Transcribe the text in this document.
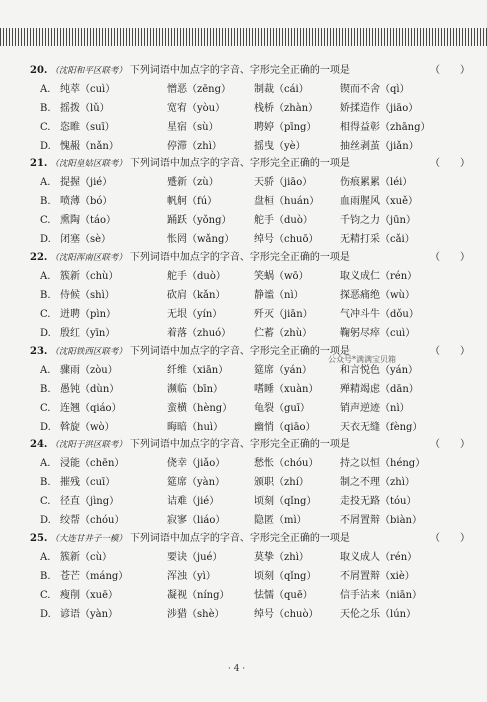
20. （沈阳和平区联考） 下列词语中加点字的字音、字形完全正确的一项是	（　　）
A. 纯萃（cuì）	憎恶（zēng） 制裁（cái）	锲而不舍（qì）
B. 摇拨（lǔ）	宽宥（yòu）	栈桥（zhàn） 娇揉造作（jiāo）
C. 恣睢（suī）	星宿（sù）	聘婷（pīng） 相得益彰（zhāng）
D. 愧赧（nǎn）	停滞（zhì）	摇曳（yè）	抽丝剥茧（jiǎn）
21. （沈阳皇姑区联考） 下列词语中加点字的字音、字形完全正确的一项是	（　　）
A. 提握（jié）	蹙新（zù）	天骄（jiāo）	伤痕累累（léi）
B. 喷薄（bó）	帆舸（fú）	盘桓（huán） 血雨腥风（xuě）
C. 熏陶（táo）	踊跃（yǒng） 舵手（duò）	千钧之力（jūn）
D. 闭塞（sè）	怅罔（wǎng） 绰号（chuō） 无精打采（cǎi）
22. （沈阳浑南区联考） 下列词语中加点字的字音、字形完全正确的一项是	（　　）
A. 簇新（chù）	舵手（duò）	笑蜗（wō）	取义成仁（rén）
B. 侍候（shì）	砍肩（kǎn）	静谧（nì）	探恶痛绝（wù）
C. 迸聘（pìn）	无垠（yín）	歼灭（jiān）	气冲斗牛（dǒu）
D. 殷红（yīn）	着落（zhuó） 伫蓄（zhù）	鞠躬尽瘁（cuì）
23. （沈阳铁西区联考） 下列词语中加点字的字音、字形完全正确的一项是	（　　）
A. 骤雨（zòu）	纤维（xiān）	筵席（yán）	和言悦色（yán）
B. 愚钝（dùn）	濒临（bīn）	嗜睡（xuàn） 殚精竭虑（dān）
C. 连翘（qiáo）	蛮横（hèng） 龟裂（guī）	销声逆迹（nì）
D. 斡旋（wò）	晦暗（huì）	幽悄（qiāo） 天衣无缝（fèng）
24. （沈阳于洪区联考） 下列词语中加点字的字音、字形完全正确的一项是	（　　）
A. 浸能（chēn）	侥幸（jiǎo）	愁怅（chóu） 持之以恒（héng）
B. 摧残（cuī）	筵席（yàn）	颁职（zhí）	制之不理（zhì）
C. 径直（jìng）	诘难（jié）	顷刻（qǐng） 走投无路（tóu）
D. 绞帮（chóu）	寂寥（liáo）	隐匿（mì）	不屑置辩（biàn）
25. （大连甘井子一模） 下列词语中加点字的字音、字形完全正确的一项是	（　　）
A. 簇新（cù）	要诀（jué）	莫挚（zhì）	取义成人（rén）
B. 苍芒（máng）	浑浊（yì）	顷刻（qǐng） 不屑置辩（xiè）
C. 瘦削（xuē）	凝视（níng） 怯懦（quē）	信手沾来（niān）
D. 谚语（yàn）	涉猎（shè）	绰号（chuò） 天伦之乐（lún）
公众号*满满宝贝箱
· 4 ·
